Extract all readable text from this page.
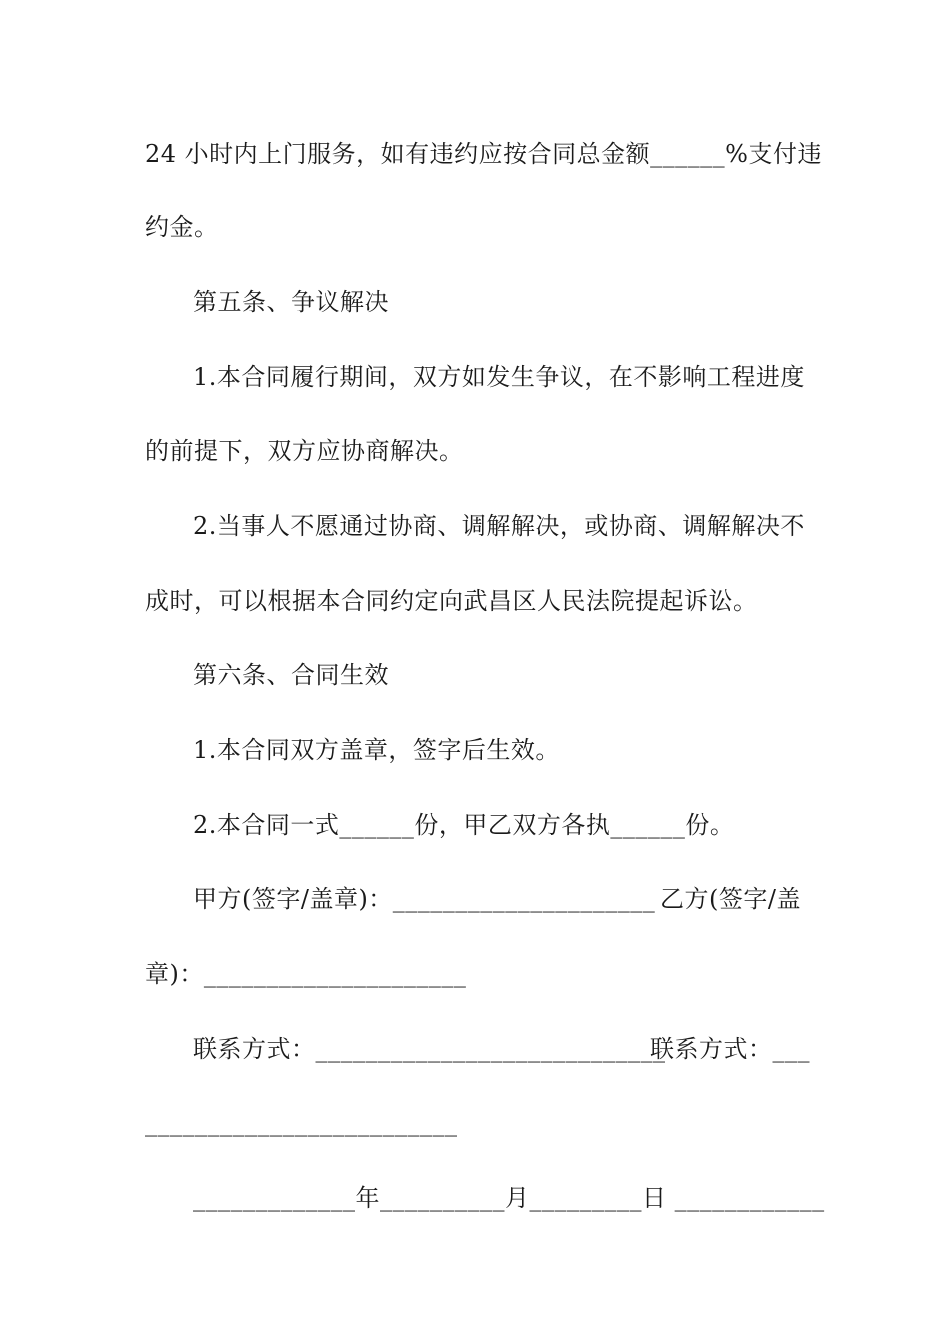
24 小时内上门服务，如有违约应按合同总金额______%支付违
约金。
第五条、争议解决
1.本合同履行期间，双方如发生争议，在不影响工程进度
的前提下，双方应协商解决。
2.当事人不愿通过协商、调解解决，或协商、调解解决不
成时，可以根据本合同约定向武昌区人民法院提起诉讼。
第六条、合同生效
1.本合同双方盖章，签字后生效。
2.本合同一式______份，甲乙双方各执______份。
甲方(签字/盖章)：_____________________ 乙方(签字/盖
章)：_____________________
联系方式：____________________________
联系方式：___
_________________________
_____________年__________月_________日 ____________
